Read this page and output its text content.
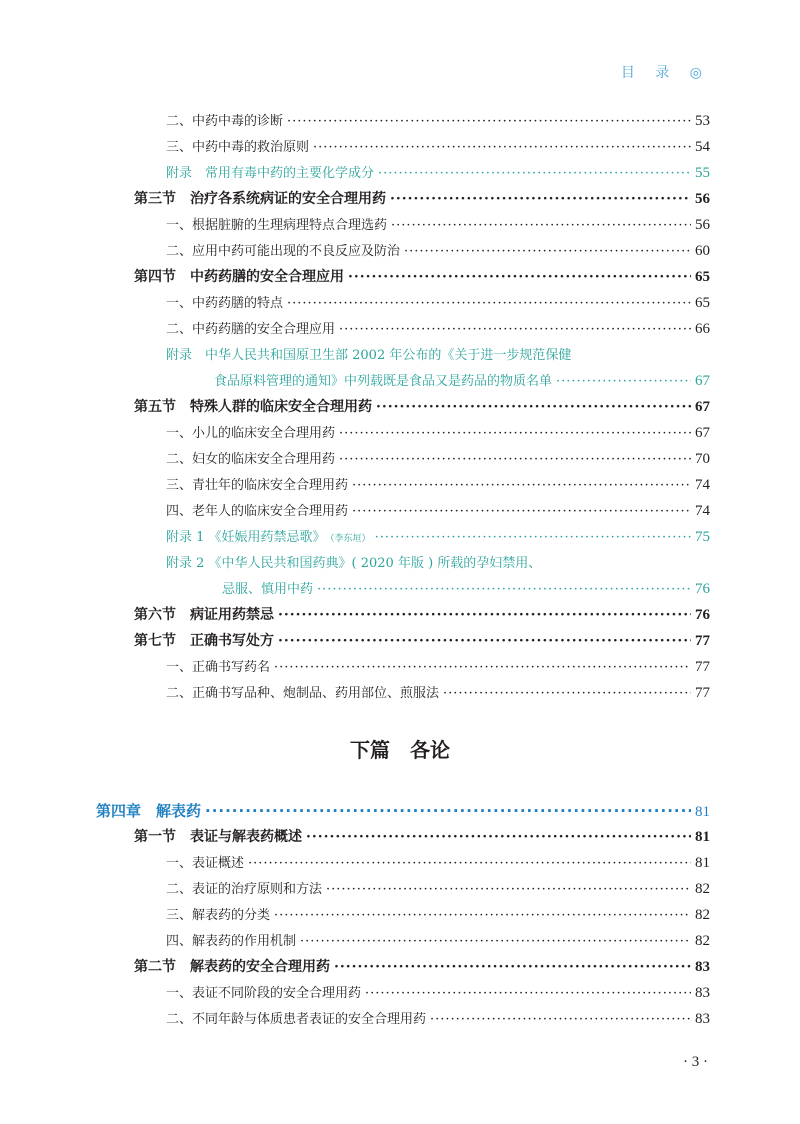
目 录 ◎
二、中药中毒的诊断 ·····	53
三、中药中毒的救治原则 ·····	54
附录　常用有毒中药的主要化学成分 ·····	55
第三节　治疗各系统病证的安全合理用药 ·····	56
一、根据脏腑的生理病理特点合理选药 ·····	56
二、应用中药可能出现的不良反应及防治 ·····	60
第四节　中药药膳的安全合理应用 ·····	65
一、中药药膳的特点 ·····	65
二、中药药膳的安全合理应用 ·····	66
附录　中华人民共和国原卫生部 2002 年公布的《关于进一步规范保健
食品原料管理的通知》中列载既是食品又是药品的物质名单 ·····	67
第五节　特殊人群的临床安全合理用药 ·····	67
一、小儿的临床安全合理用药 ·····	67
二、妇女的临床安全合理用药 ·····	70
三、青壮年的临床安全合理用药 ·····	74
四、老年人的临床安全合理用药 ·····	74
附录 1 《妊娠用药禁忌歌》 （李东垣） ·····	75
附录 2 《中华人民共和国药典》( 2020 年版 ) 所载的孕妇禁用、
忌服、慎用中药 ·····	76
第六节　病证用药禁忌 ·····	76
第七节　正确书写处方 ·····	77
一、正确书写药名 ·····	77
二、正确书写品种、炮制品、药用部位、煎服法 ·····	77
下篇　各论
第四章　解表药 ·····	81
第一节　表证与解表药概述 ·····	81
一、表证概述 ·····	81
二、表证的治疗原则和方法 ·····	82
三、解表药的分类 ·····	82
四、解表药的作用机制 ·····	82
第二节　解表药的安全合理用药 ·····	83
一、表证不同阶段的安全合理用药 ·····	83
二、不同年龄与体质患者表证的安全合理用药 ·····	83
· 3 ·
